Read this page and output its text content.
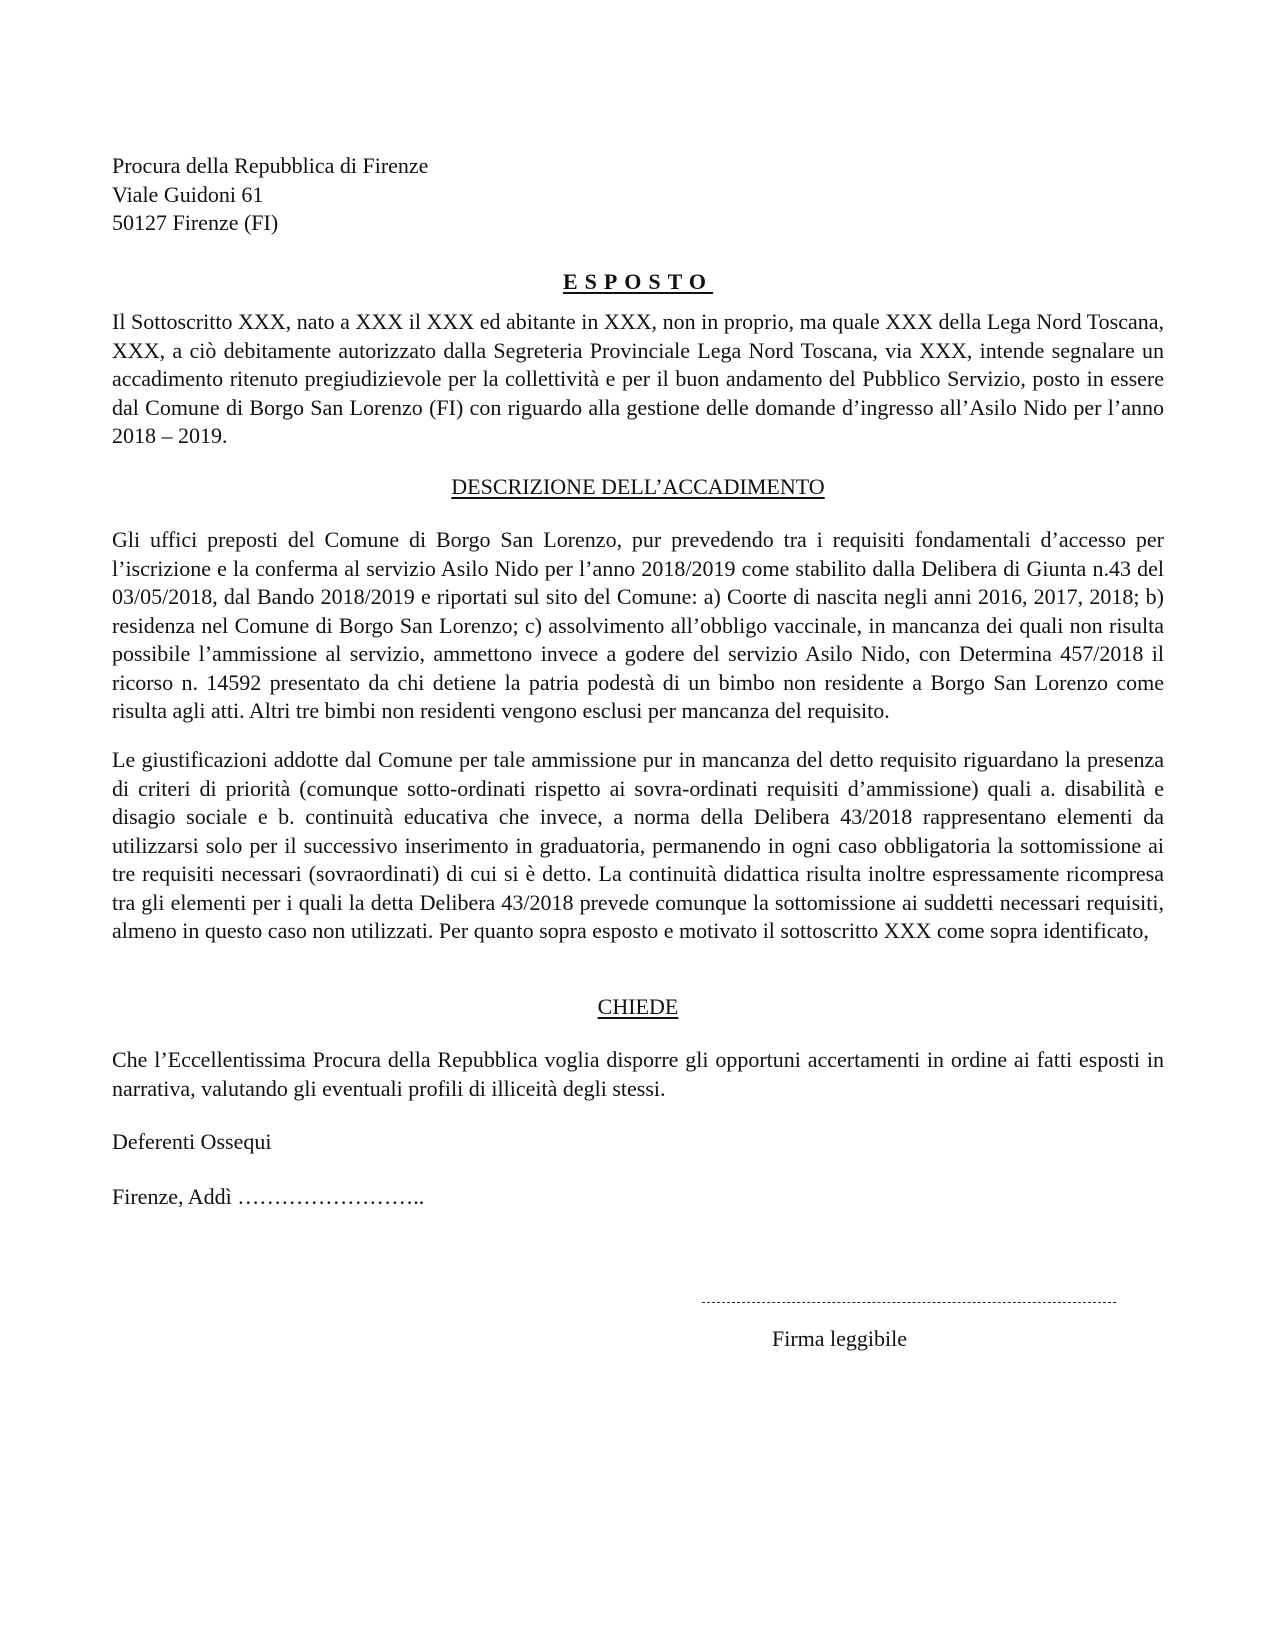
Procura della Repubblica di Firenze
Viale Guidoni 61
50127 Firenze (FI)
ESPOSTO

Il Sottoscritto XXX, nato a XXX il XXX ed abitante in XXX, non in proprio, ma quale XXX della Lega Nord Toscana, XXX, a ciò debitamente autorizzato dalla Segreteria Provinciale Lega Nord Toscana, via XXX, intende segnalare un accadimento ritenuto pregiudizievole per la collettività e per il buon andamento del Pubblico Servizio, posto in essere dal Comune di Borgo San Lorenzo (FI) con riguardo alla gestione delle domande d’ingresso all’Asilo Nido per l’anno 2018 – 2019.

DESCRIZIONE DELL’ACCADIMENTO

Gli uffici preposti del Comune di Borgo San Lorenzo, pur prevedendo tra i requisiti fondamentali d’accesso per l’iscrizione e la conferma al servizio Asilo Nido per l’anno 2018/2019 come stabilito dalla Delibera di Giunta n.43 del 03/05/2018, dal Bando 2018/2019 e riportati sul sito del Comune: a) Coorte di nascita negli anni 2016, 2017, 2018; b) residenza nel Comune di Borgo San Lorenzo; c) assolvimento all’obbligo vaccinale, in mancanza dei quali non risulta possibile l’ammissione al servizio, ammettono invece a godere del servizio Asilo Nido, con Determina 457/2018 il ricorso n. 14592 presentato da chi detiene la patria podestà di un bimbo non residente a Borgo San Lorenzo come risulta agli atti. Altri tre bimbi non residenti vengono esclusi per mancanza del requisito.

Le giustificazioni addotte dal Comune per tale ammissione pur in mancanza del detto requisito riguardano la presenza di criteri di priorità (comunque sotto-ordinati rispetto ai sovra-ordinati requisiti d’ammissione) quali a. disabilità e disagio sociale e b. continuità educativa che invece, a norma della Delibera 43/2018 rappresentano elementi da utilizzarsi solo per il successivo inserimento in graduatoria, permanendo in ogni caso obbligatoria la sottomissione ai tre requisiti necessari (sovraordinati) di cui si è detto. La continuità didattica risulta inoltre espressamente ricompresa tra gli elementi per i quali la detta Delibera 43/2018 prevede comunque la sottomissione ai suddetti necessari requisiti, almeno in questo caso non utilizzati. Per quanto sopra esposto e motivato il sottoscritto XXX come sopra identificato,

CHIEDE

Che l’Eccellentissima Procura della Repubblica voglia disporre gli opportuni accertamenti in ordine ai fatti esposti in narrativa, valutando gli eventuali profili di illiceità degli stessi.

Deferenti Ossequi
Firenze, Addì ……………………..
Firma leggibile
